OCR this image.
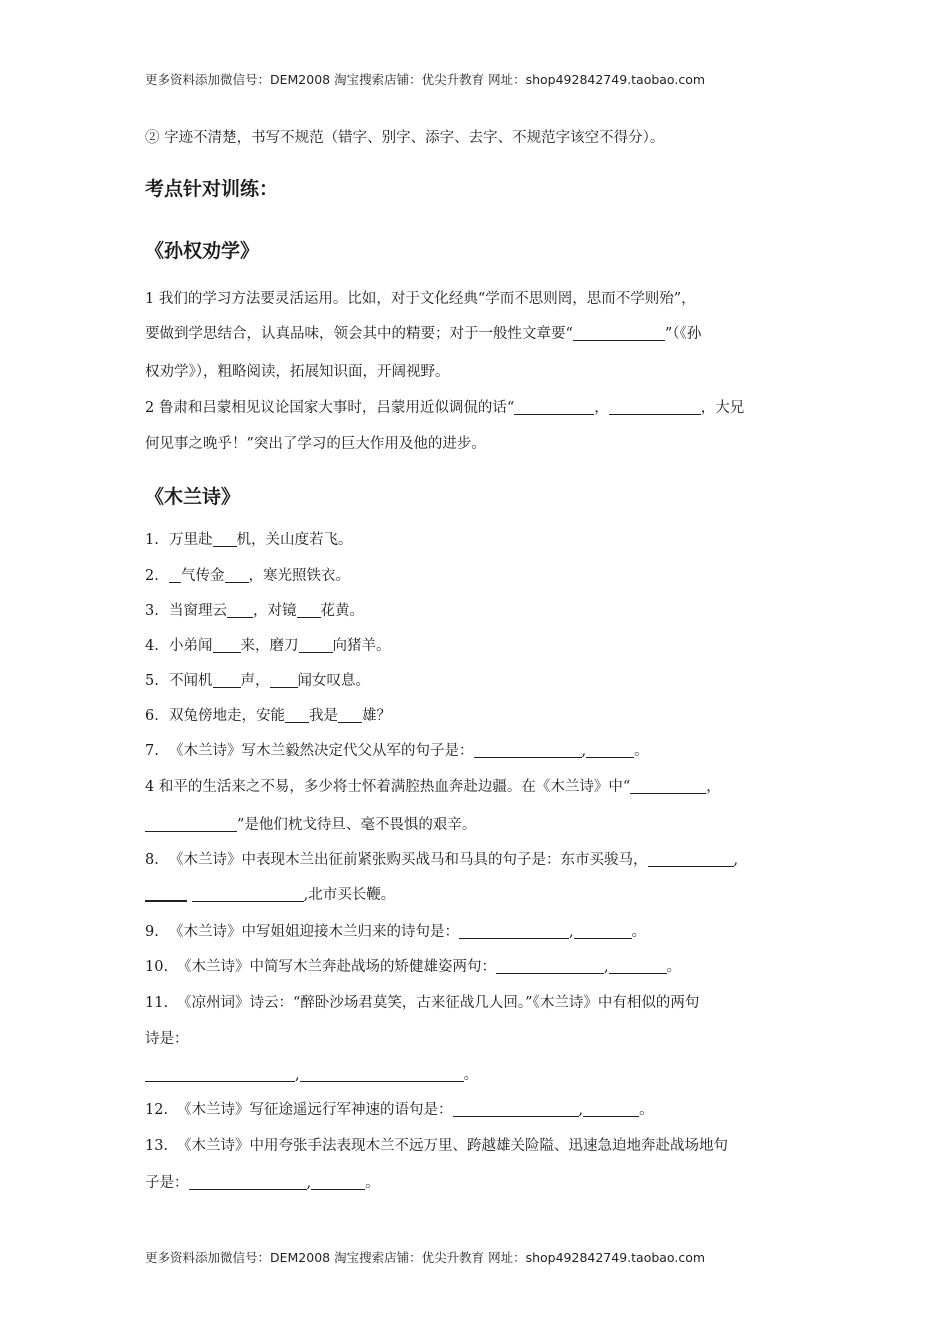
更多资料添加微信号：DEM2008 淘宝搜索店铺：优尖升教育 网址：shop492842749.taobao.com
② 字迹不清楚，书写不规范（错字、别字、添字、去字、不规范字该空不得分）。
考点针对训练：
《孙权劝学》
1 我们的学习方法要灵活运用。比如，对于文化经典“学而不思则罔，思而不学则殆”，
要做到学思结合，认真品味，领会其中的精要；对于一般性文章要“	”（《孙
权劝学》），粗略阅读，拓展知识面，开阔视野。
2 鲁肃和吕蒙相见议论国家大事时，吕蒙用近似调侃的话“	，	，大兄
何见事之晚乎！”突出了学习的巨大作用及他的进步。
《木兰诗》
1. 万里赴 机，关山度若飞。
2. 气传金 ，寒光照铁衣。
3. 当窗理云 ，对镜 花黄。
4. 小弟闻 来，磨刀 向猪羊。
5. 不闻机 声， 闻女叹息。
6. 双兔傍地走，安能 我是 雄？
7. 《木兰诗》写木兰毅然决定代父从军的句子是：	,	。
4 和平的生活来之不易，多少将士怀着满腔热血奔赴边疆。在《木兰诗》中“	，
”是他们枕戈待旦、毫不畏惧的艰辛。
8. 《木兰诗》中表现木兰出征前紧张购买战马和马具的句子是：东市买骏马，	,
,北市买长鞭。
9. 《木兰诗》中写姐姐迎接木兰归来的诗句是：	,	。
10. 《木兰诗》中简写木兰奔赴战场的矫健雄姿两句：	,	。
11. 《凉州词》诗云：“醉卧沙场君莫笑，古来征战几人回。”《木兰诗》中有相似的两句
诗是：
,	。
12. 《木兰诗》写征途遥远行军神速的语句是：	,	。
13. 《木兰诗》中用夸张手法表现木兰不远万里、跨越雄关险隘、迅速急迫地奔赴战场地句
子是：	,	。
更多资料添加微信号：DEM2008 淘宝搜索店铺：优尖升教育 网址：shop492842749.taobao.com
